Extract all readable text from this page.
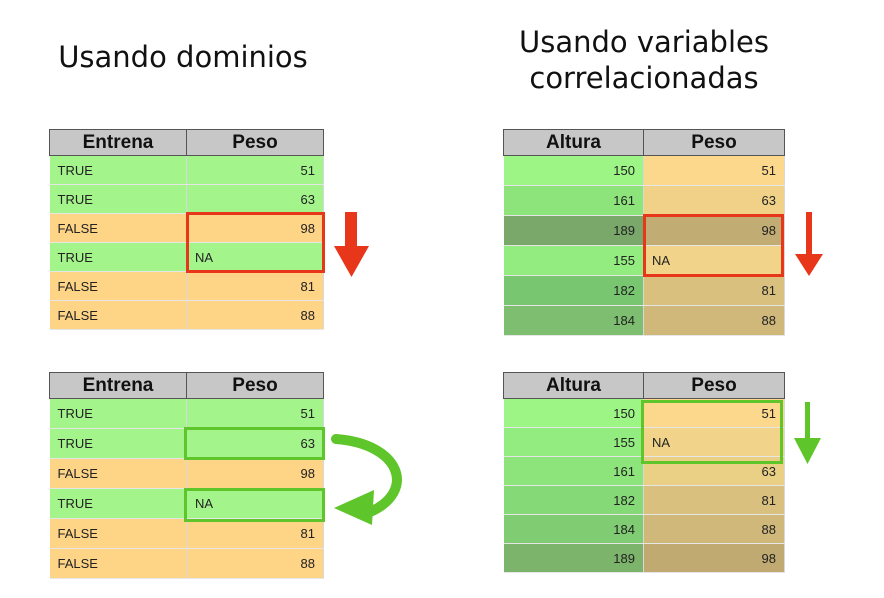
Usando dominios	Usando variables
correlacionadas
Entrena	Peso
TRUE	51
TRUE	63
FALSE	98
TRUE	NA
FALSE	81
FALSE	88
Altura	Peso
150	51
161	63
189	98
155	NA
182	81
184	88
Entrena	Peso
TRUE	51
TRUE	63
FALSE	98
TRUE	NA
FALSE	81
FALSE	88
Altura	Peso
150	51
155	NA
161	63
182	81
184	88
189	98
